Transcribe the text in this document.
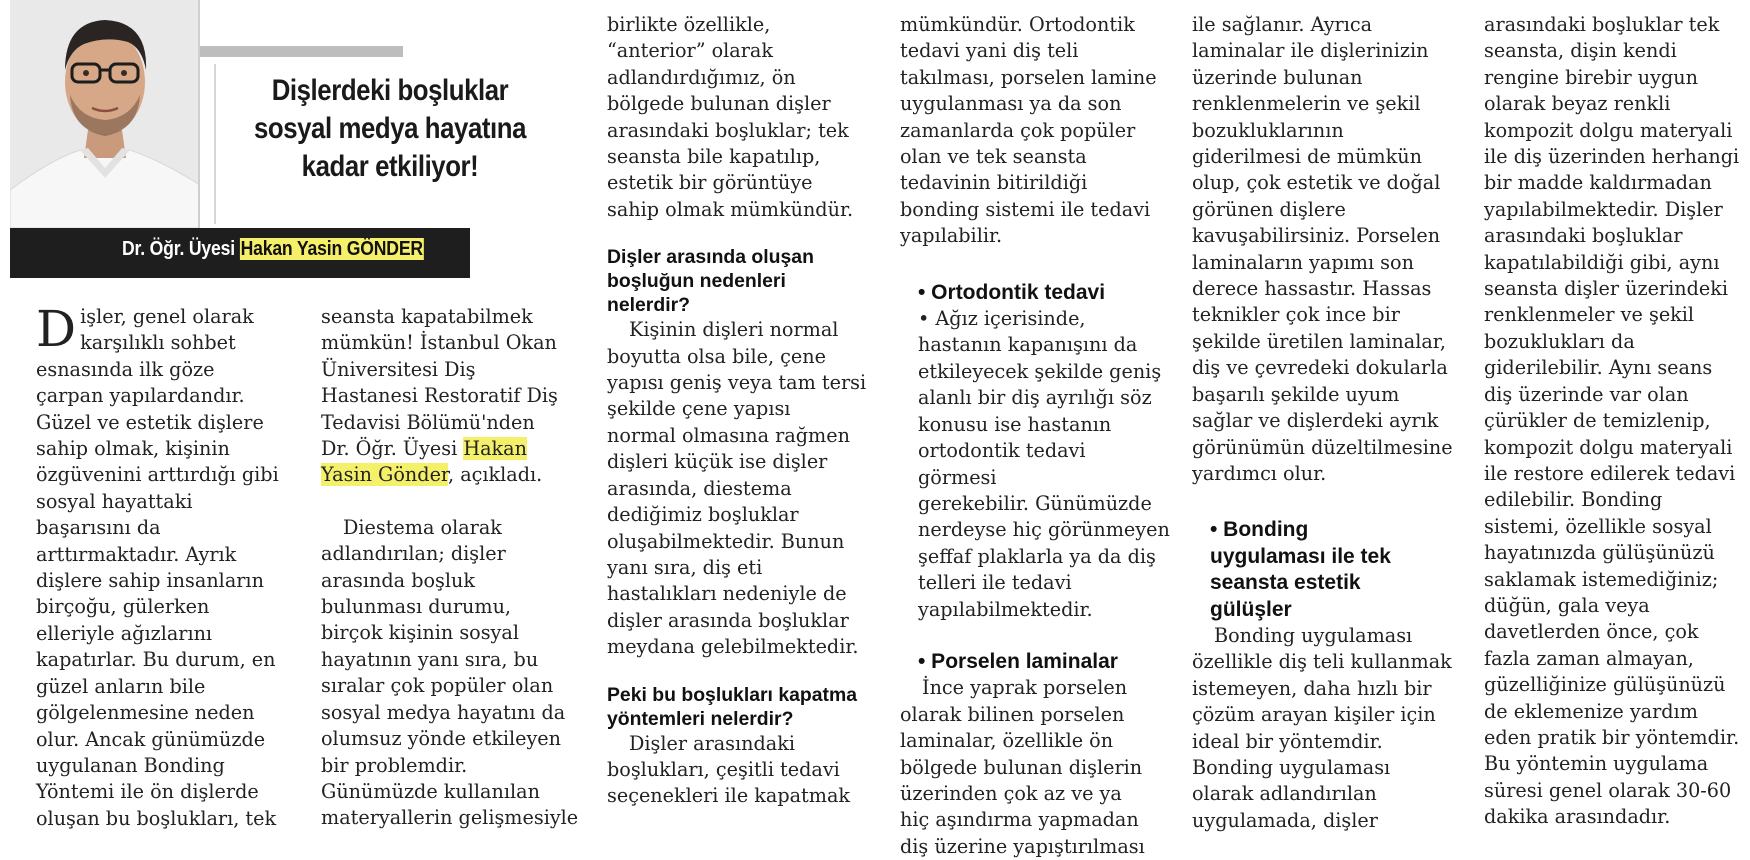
Dişlerdeki boşluklar
sosyal medya hayatına
kadar etkiliyor!

Dr. Öğr. Üyesi Hakan Yasin GÖNDER

Dişler, genel olarak
karşılıklı sohbet

esnasında ilk göze
çarpan yapılardandır.
Güzel ve estetik dişlere
sahip olmak, kişinin
özgüvenini arttırdığı gibi
sosyal hayattaki
başarısını da
arttırmaktadır. Ayrık
dişlere sahip insanların
birçoğu, gülerken
elleriyle ağızlarını
kapatırlar. Bu durum, en
güzel anların bile
gölgelenmesine neden
olur. Ancak günümüzde
uygulanan Bonding
Yöntemi ile ön dişlerde
oluşan bu boşlukları, tek

seansta kapatabilmek
mümkün! İstanbul Okan
Üniversitesi Diş
Hastanesi Restoratif Diş
Tedavisi Bölümü'nden
Dr. Öğr. Üyesi Hakan
Yasin Gönder, açıkladı.

Diestema olarak
adlandırılan; dişler
arasında boşluk
bulunması durumu,
birçok kişinin sosyal
hayatının yanı sıra, bu
sıralar çok popüler olan
sosyal medya hayatını da
olumsuz yönde etkileyen
bir problemdir.
Günümüzde kullanılan
materyallerin gelişmesiyle

birlikte özellikle,
“anterior” olarak
adlandırdığımız, ön
bölgede bulunan dişler
arasındaki boşluklar; tek
seansta bile kapatılıp,
estetik bir görüntüye
sahip olmak mümkündür.

Dişler arasında oluşan
boşluğun nedenleri
nelerdir?

Kişinin dişleri normal
boyutta olsa bile, çene
yapısı geniş veya tam tersi
şekilde çene yapısı
normal olmasına rağmen
dişleri küçük ise dişler
arasında, diestema
dediğimiz boşluklar
oluşabilmektedir. Bunun
yanı sıra, diş eti
hastalıkları nedeniyle de
dişler arasında boşluklar
meydana gelebilmektedir.

Peki bu boşlukları kapatma
yöntemleri nelerdir?

Dişler arasındaki
boşlukları, çeşitli tedavi
seçenekleri ile kapatmak

mümkündür. Ortodontik
tedavi yani diş teli
takılması, porselen lamine
uygulanması ya da son
zamanlarda çok popüler
olan ve tek seansta
tedavinin bitirildiği
bonding sistemi ile tedavi
yapılabilir.

• Ortodontik tedavi

• Ağız içerisinde,
hastanın kapanışını da
etkileyecek şekilde geniş
alanlı bir diş ayrılığı söz
konusu ise hastanın
ortodontik tedavi görmesi
gerekebilir. Günümüzde
nerdeyse hiç görünmeyen
şeffaf plaklarla ya da diş
telleri ile tedavi
yapılabilmektedir.

• Porselen laminalar

İnce yaprak porselen
olarak bilinen porselen
laminalar, özellikle ön
bölgede bulunan dişlerin
üzerinden çok az ve ya
hiç aşındırma yapmadan
diş üzerine yapıştırılması

ile sağlanır. Ayrıca
laminalar ile dişlerinizin
üzerinde bulunan
renklenmelerin ve şekil
bozukluklarının
giderilmesi de mümkün
olup, çok estetik ve doğal
görünen dişlere
kavuşabilirsiniz. Porselen
laminaların yapımı son
derece hassastır. Hassas
teknikler çok ince bir
şekilde üretilen laminalar,
diş ve çevredeki dokularla
başarılı şekilde uyum
sağlar ve dişlerdeki ayrık
görünümün düzeltilmesine
yardımcı olur.

• Bonding
uygulaması ile tek
seansta estetik
gülüşler

Bonding uygulaması
özellikle diş teli kullanmak
istemeyen, daha hızlı bir
çözüm arayan kişiler için
ideal bir yöntemdir.
Bonding uygulaması
olarak adlandırılan
uygulamada, dişler

arasındaki boşluklar tek
seansta, dişin kendi
rengine birebir uygun
olarak beyaz renkli
kompozit dolgu materyali
ile diş üzerinden herhangi
bir madde kaldırmadan
yapılabilmektedir. Dişler
arasındaki boşluklar
kapatılabildiği gibi, aynı
seansta dişler üzerindeki
renklenmeler ve şekil
bozuklukları da
giderilebilir. Aynı seans
diş üzerinde var olan
çürükler de temizlenip,
kompozit dolgu materyali
ile restore edilerek tedavi
edilebilir. Bonding
sistemi, özellikle sosyal
hayatınızda gülüşünüzü
saklamak istemediğiniz;
düğün, gala veya
davetlerden önce, çok
fazla zaman almayan,
güzelliğinize gülüşünüzü
de eklemenize yardım
eden pratik bir yöntemdir.
Bu yöntemin uygulama
süresi genel olarak 30-60
dakika arasındadır.
